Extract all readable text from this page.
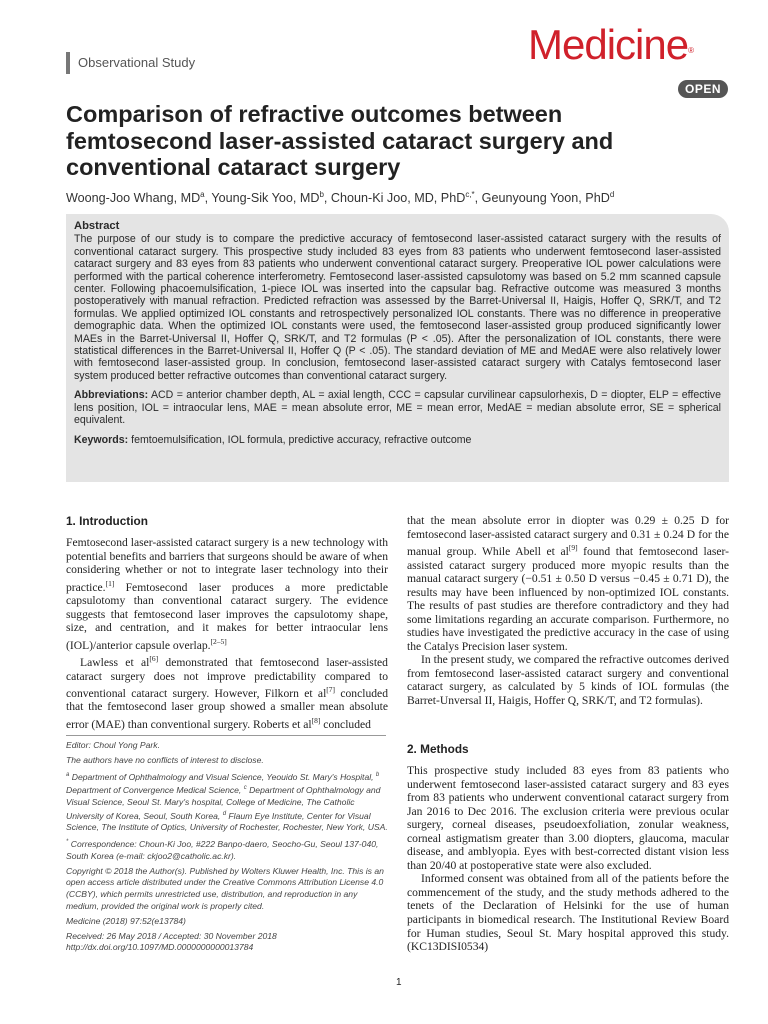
Observational Study	Medicine®
OPEN
Comparison of refractive outcomes between femtosecond laser-assisted cataract surgery and conventional cataract surgery
Woong-Joo Whang, $MD^a$, Young-Sik Yoo, $MD^b$, Choun-Ki Joo, MD, PhD$^{c,*}$, Geunyoung Yoon, PhD$^d$
Abstract
The purpose of our study is to compare the predictive accuracy of femtosecond laser-assisted cataract surgery with the results of conventional cataract surgery. This prospective study included 83 eyes from 83 patients who underwent femtosecond laser-assisted cataract surgery and 83 eyes from 83 patients who underwent conventional cataract surgery. Preoperative IOL power calculations were performed with the partical coherence interferometry. Femtosecond laser-assisted capsulotomy was based on 5.2 mm scanned capsule center. Following phacoemulsification, 1-piece IOL was inserted into the capsular bag. Refractive outcome was measured 3 months postoperatively with manual refraction. Predicted refraction was assessed by the Barret-Universal II, Haigis, Hoffer Q, SRK/T, and T2 formulas. We applied optimized IOL constants and retrospectively personalized IOL constants. There was no difference in preoperative demographic data. When the optimized IOL constants were used, the femtosecond laser-assisted group produced significantly lower MAEs in the Barret-Universal II, Hoffer Q, SRK/T, and T2 formulas (P < .05). After the personalization of IOL constants, there were statistical differences in the Barret-Universal II, Hoffer Q (P < .05). The standard deviation of ME and MedAE were also relatively lower with femtosecond laser-assisted group. In conclusion, femtosecond laser-assisted cataract surgery with Catalys femtosecond laser system produced better refractive outcomes than conventional cataract surgery.
Abbreviations: ACD = anterior chamber depth, AL = axial length, CCC = capsular curvilinear capsulorhexis, D = diopter, ELP = effective lens position, IOL = intraocular lens, MAE = mean absolute error, ME = mean error, MedAE = median absolute error, SE = spherical equivalent.
Keywords: femtoemulsification, IOL formula, predictive accuracy, refractive outcome
1. Introduction

Femtosecond laser-assisted cataract surgery is a new technology with potential benefits and barriers that surgeons should be aware of when considering whether or not to integrate laser technology into their practice.[1] Femtosecond laser produces a more predictable capsulotomy than conventional cataract surgery. The evidence suggests that femtosecond laser improves the capsulotomy shape, size, and centration, and it makes for better intraocular lens (IOL)/anterior capsule overlap.[2–5]

Lawless et al[6] demonstrated that femtosecond laser-assisted cataract surgery does not improve predictability compared to conventional cataract surgery. However, Filkorn et al[7] concluded that the femtosecond laser group showed a smaller mean absolute error (MAE) than conventional surgery. Roberts et al[8] concluded

Editor: Choul Yong Park.
The authors have no conflicts of interest to disclose.
$^a$ Department of Ophthalmology and Visual Science, Yeouido St. Mary's Hospital, $^b$ Department of Convergence Medical Science, $^c$ Department of Ophthalmology and Visual Science, Seoul St. Mary's hospital, College of Medicine, The Catholic University of Korea, Seoul, South Korea, $^d$ Flaum Eye Institute, Center for Visual Science, The Institute of Optics, University of Rochester, Rochester, New York, USA.
* Correspondence: Choun-Ki Joo, #222 Banpo-daero, Seocho-Gu, Seoul 137-040, South Korea (e-mail: ckjoo2@catholic.ac.kr).
Copyright © 2018 the Author(s). Published by Wolters Kluwer Health, Inc. This is an open access article distributed under the Creative Commons Attribution License 4.0 (CCBY), which permits unrestricted use, distribution, and reproduction in any medium, provided the original work is properly cited.
Medicine (2018) 97:52(e13784)
Received: 26 May 2018 / Accepted: 30 November 2018
http://dx.doi.org/10.1097/MD.0000000000013784

that the mean absolute error in diopter was 0.29 ± 0.25 D for femtosecond laser-assisted cataract surgery and 0.31 ± 0.24 D for the manual group. While Abell et al[9] found that femtosecond laser-assisted cataract surgery produced more myopic results than the manual cataract surgery (−0.51 ± 0.50 D versus −0.45 ± 0.71 D), the results may have been influenced by non-optimized IOL constants. The results of past studies are therefore contradictory and they had some limitations regarding an accurate comparison. Furthermore, no studies have investigated the predictive accuracy in the case of using the Catalys Precision laser system.

In the present study, we compared the refractive outcomes derived from femtosecond laser-assisted cataract surgery and conventional cataract surgery, as calculated by 5 kinds of IOL formulas (the Barret-Unversal II, Haigis, Hoffer Q, SRK/T, and T2 formulas).

2. Methods

This prospective study included 83 eyes from 83 patients who underwent femtosecond laser-assisted cataract surgery and 83 eyes from 83 patients who underwent conventional cataract surgery from Jan 2016 to Dec 2016. The exclusion criteria were previous ocular surgery, corneal diseases, pseudoexfoliation, zonular weakness, corneal astigmatism greater than 3.00 diopters, glaucoma, macular disease, and amblyopia. Eyes with best-corrected distant vision less than 20/40 at postoperative state were also excluded.

Informed consent was obtained from all of the patients before the commencement of the study, and the study methods adhered to the tenets of the Declaration of Helsinki for the use of human participants in biomedical research. The Institutional Review Board for Human studies, Seoul St. Mary hospital approved this study. (KC13DISI0534)

1
